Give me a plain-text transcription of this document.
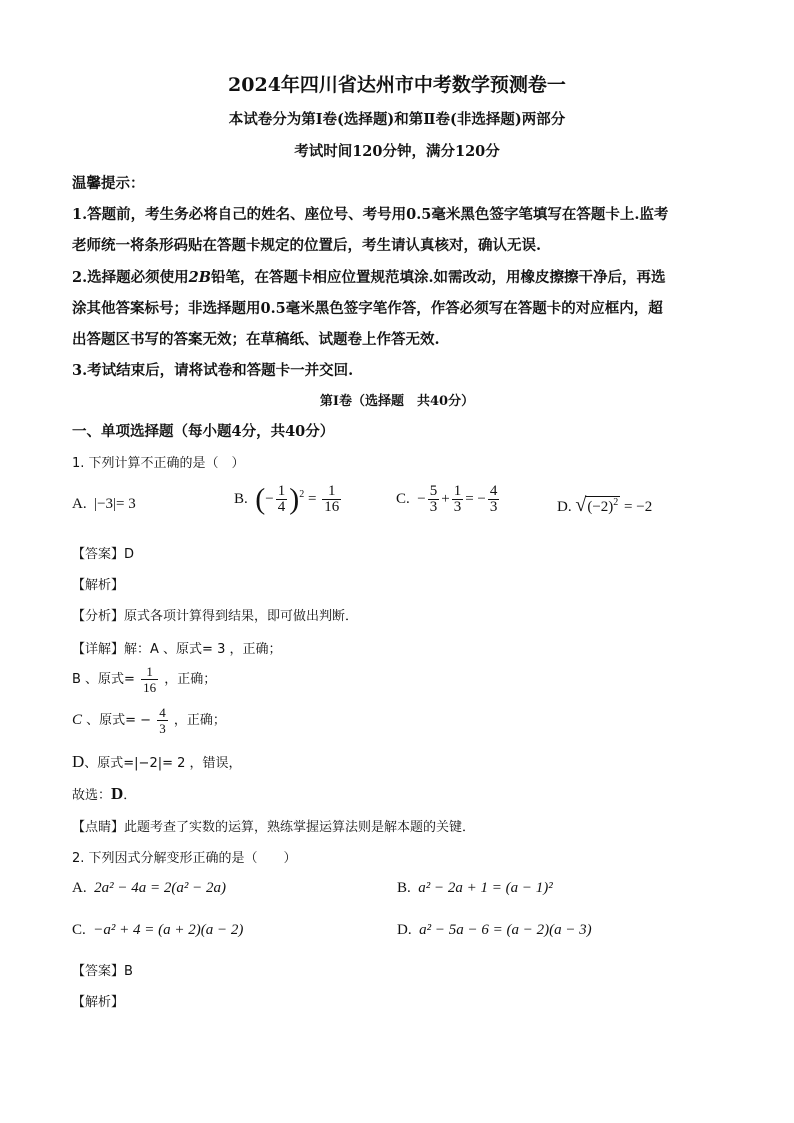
2024年四川省达州市中考数学预测卷一
本试卷分为第Ⅰ卷(选择题)和第Ⅱ卷(非选择题)两部分
考试时间120分钟，满分120分
温馨提示：
1.答题前，考生务必将自己的姓名、座位号、考号用0.5毫米黑色签字笔填写在答题卡上.监考
老师统一将条形码贴在答题卡规定的位置后，考生请认真核对，确认无误.
2.选择题必须使用2B铅笔，在答题卡相应位置规范填涂.如需改动，用橡皮擦擦干净后，再选
涂其他答案标号；非选择题用0.5毫米黑色签字笔作答，作答必须写在答题卡的对应框内，超
出答题区书写的答案无效；在草稿纸、试题卷上作答无效.
3.考试结束后，请将试卷和答题卡一并交回.
第Ⅰ卷（选择题　共40分）
一、单项选择题（每小题4分，共40分）
1. 下列计算不正确的是（　）
A. |−3|= 3	B. (− $\frac{1}{4} )^2 = \frac{1}{16}$	C. − $\frac{5}{3} + \frac{1}{3}$ = − $\frac{4}{3}$	D. $√(-2)^2 = -2$
【答案】D
【解析】
【分析】原式各项计算得到结果，即可做出判断．
【详解】解：A 、原式= 3 ，正确；
B 、原式= $\frac{1}{16}$ ，正确；
C 、原式= − $\frac{4}{3}$ ，正确；
D、原式=|−2|= 2 ，错误，
故选：D．
【点睛】此题考查了实数的运算，熟练掌握运算法则是解本题的关键．
2. 下列因式分解变形正确的是（　　）
A. 2a² − 4a = 2(a² − 2a)	B. a² − 2a + 1 = (a − 1)²
C. −a² + 4 = (a + 2)(a − 2)	D. a² − 5a − 6 = (a − 2)(a − 3)
【答案】B
【解析】
